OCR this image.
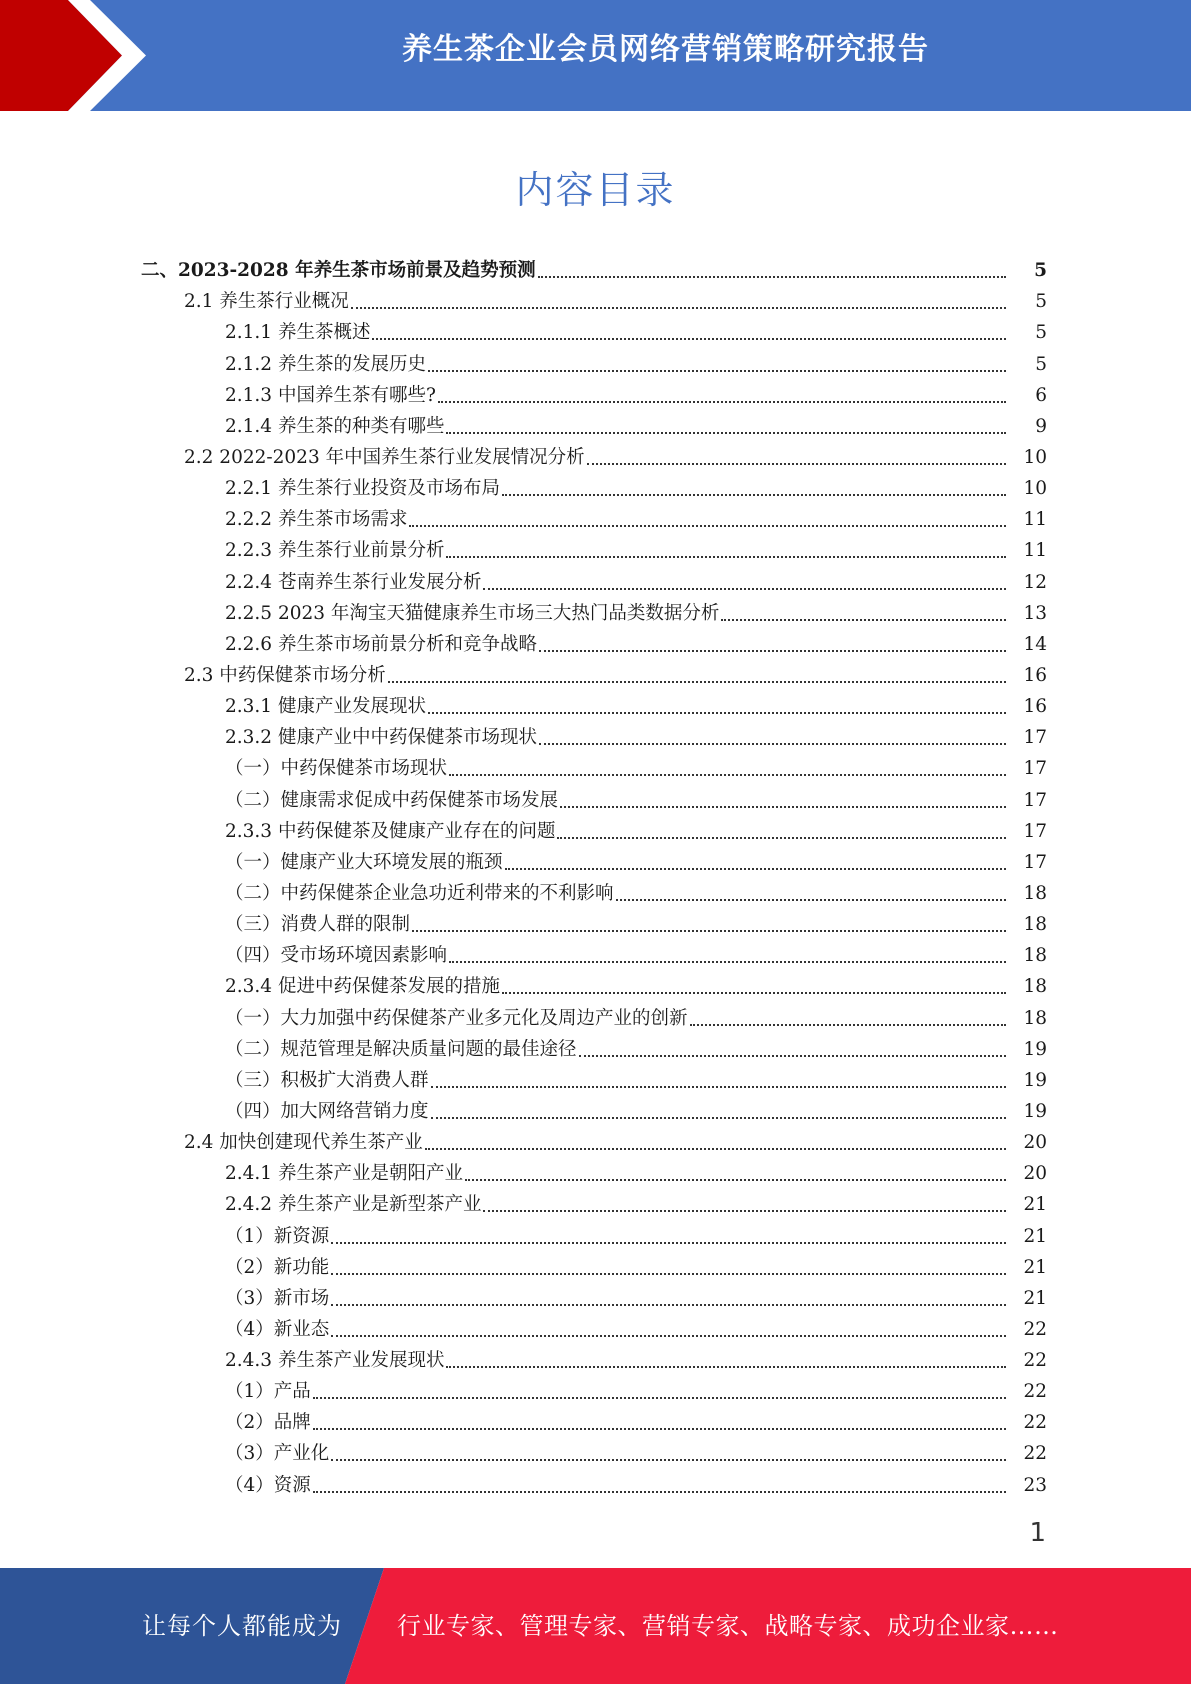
养生茶企业会员网络营销策略研究报告
内容目录
二、2023-2028 年养生茶市场前景及趋势预测	5
2.1 养生茶行业概况	5
2.1.1 养生茶概述	5
2.1.2 养生茶的发展历史	5
2.1.3 中国养生茶有哪些?	6
2.1.4 养生茶的种类有哪些	9
2.2 2022-2023 年中国养生茶行业发展情况分析	10
2.2.1 养生茶行业投资及市场布局	10
2.2.2 养生茶市场需求	11
2.2.3 养生茶行业前景分析	11
2.2.4 苍南养生茶行业发展分析	12
2.2.5 2023 年淘宝天猫健康养生市场三大热门品类数据分析	13
2.2.6 养生茶市场前景分析和竞争战略	14
2.3 中药保健茶市场分析	16
2.3.1 健康产业发展现状	16
2.3.2 健康产业中中药保健茶市场现状	17
（一）中药保健茶市场现状	17
（二）健康需求促成中药保健茶市场发展	17
2.3.3 中药保健茶及健康产业存在的问题	17
（一）健康产业大环境发展的瓶颈	17
（二）中药保健茶企业急功近利带来的不利影响	18
（三）消费人群的限制	18
（四）受市场环境因素影响	18
2.3.4 促进中药保健茶发展的措施	18
（一）大力加强中药保健茶产业多元化及周边产业的创新	18
（二）规范管理是解决质量问题的最佳途径	19
（三）积极扩大消费人群	19
（四）加大网络营销力度	19
2.4 加快创建现代养生茶产业	20
2.4.1 养生茶产业是朝阳产业	20
2.4.2 养生茶产业是新型茶产业	21
（1）新资源	21
（2）新功能	21
（3）新市场	21
（4）新业态	22
2.4.3 养生茶产业发展现状	22
（1）产品	22
（2）品牌	22
（3）产业化	22
（4）资源	23
1
让每个人都能成为 行业专家、管理专家、营销专家、战略专家、成功企业家……
